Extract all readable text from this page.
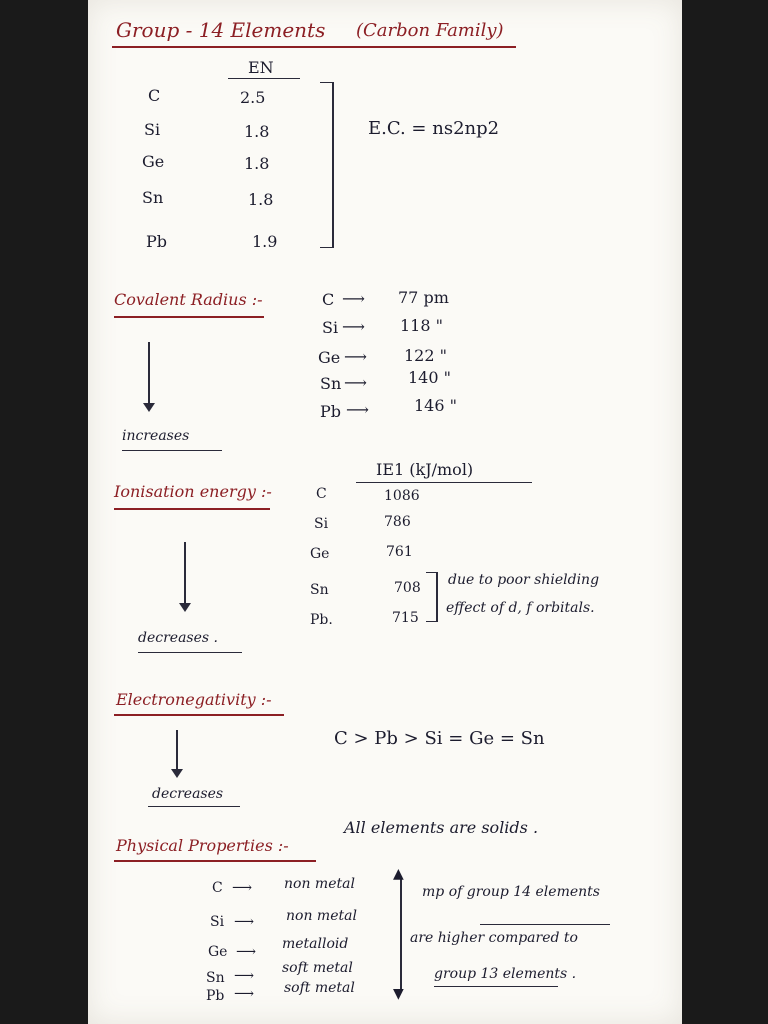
Group - 14 Elements (Carbon Family)
EN
C	2.5
Si	1.8
Ge	1.8
Sn	1.8
Pb	1.9
E.C. = ns2np2
Covalent Radius :-
increases
C ⟶ 77 pm
Si ⟶ 118 "
Ge ⟶ 122 "
Sn ⟶	140 "
Pb ⟶	146 "
IE1 (kJ/mol)
Ionisation energy :-	C	1086
Si	786
Ge	761
Sn	708
Pb.	715
due to poor shielding
effect of d, f orbitals.
decreases .
Electronegativity :-
decreases
C > Pb > Si = Ge = Sn
Physical Properties :-
All elements are solids .
C ⟶ non metal
Si ⟶ non metal
Ge ⟶ metalloid
Sn ⟶ soft metal
Pb ⟶ soft metal
▲
▼
mp of group 14 elements
are higher compared to
group 13 elements .
